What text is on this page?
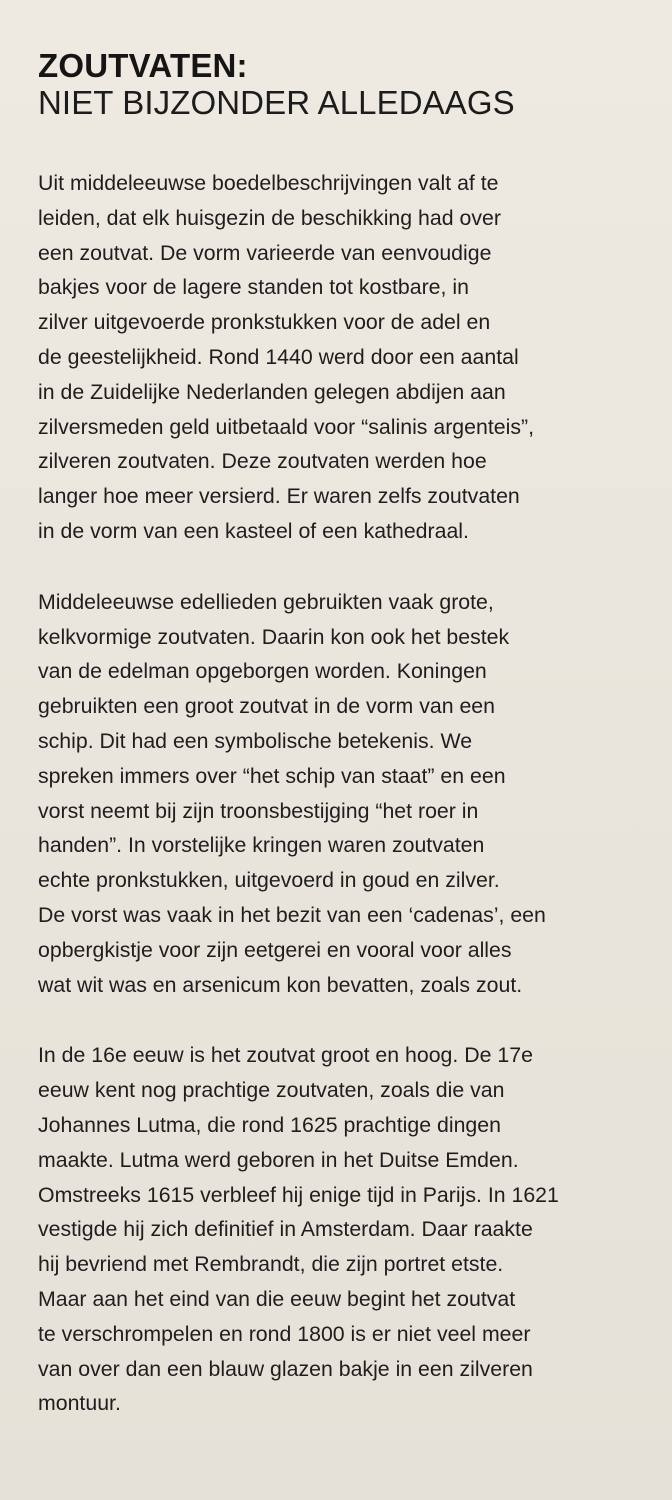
ZOUTVATEN:
NIET BIJZONDER ALLEDAAGS

Uit middeleeuwse boedelbeschrijvingen valt af te
leiden, dat elk huisgezin de beschikking had over
een zoutvat. De vorm varieerde van eenvoudige
bakjes voor de lagere standen tot kostbare, in
zilver uitgevoerde pronkstukken voor de adel en
de geestelijkheid. Rond 1440 werd door een aantal
in de Zuidelijke Nederlanden gelegen abdijen aan
zilversmeden geld uitbetaald voor “salinis argenteis”,
zilveren zoutvaten. Deze zoutvaten werden hoe
langer hoe meer versierd. Er waren zelfs zoutvaten
in de vorm van een kasteel of een kathedraal.

Middeleeuwse edellieden gebruikten vaak grote,
kelkvormige zoutvaten. Daarin kon ook het bestek
van de edelman opgeborgen worden. Koningen
gebruikten een groot zoutvat in de vorm van een
schip. Dit had een symbolische betekenis. We
spreken immers over “het schip van staat” en een
vorst neemt bij zijn troonsbestijging “het roer in
handen”. In vorstelijke kringen waren zoutvaten
echte pronkstukken, uitgevoerd in goud en zilver.
De vorst was vaak in het bezit van een ‘cadenas’, een
opbergkistje voor zijn eetgerei en vooral voor alles
wat wit was en arsenicum kon bevatten, zoals zout.

In de 16e eeuw is het zoutvat groot en hoog. De 17e
eeuw kent nog prachtige zoutvaten, zoals die van
Johannes Lutma, die rond 1625 prachtige dingen
maakte. Lutma werd geboren in het Duitse Emden.
Omstreeks 1615 verbleef hij enige tijd in Parijs. In 1621
vestigde hij zich definitief in Amsterdam. Daar raakte
hij bevriend met Rembrandt, die zijn portret etste.
Maar aan het eind van die eeuw begint het zoutvat
te verschrompelen en rond 1800 is er niet veel meer
van over dan een blauw glazen bakje in een zilveren
montuur.
